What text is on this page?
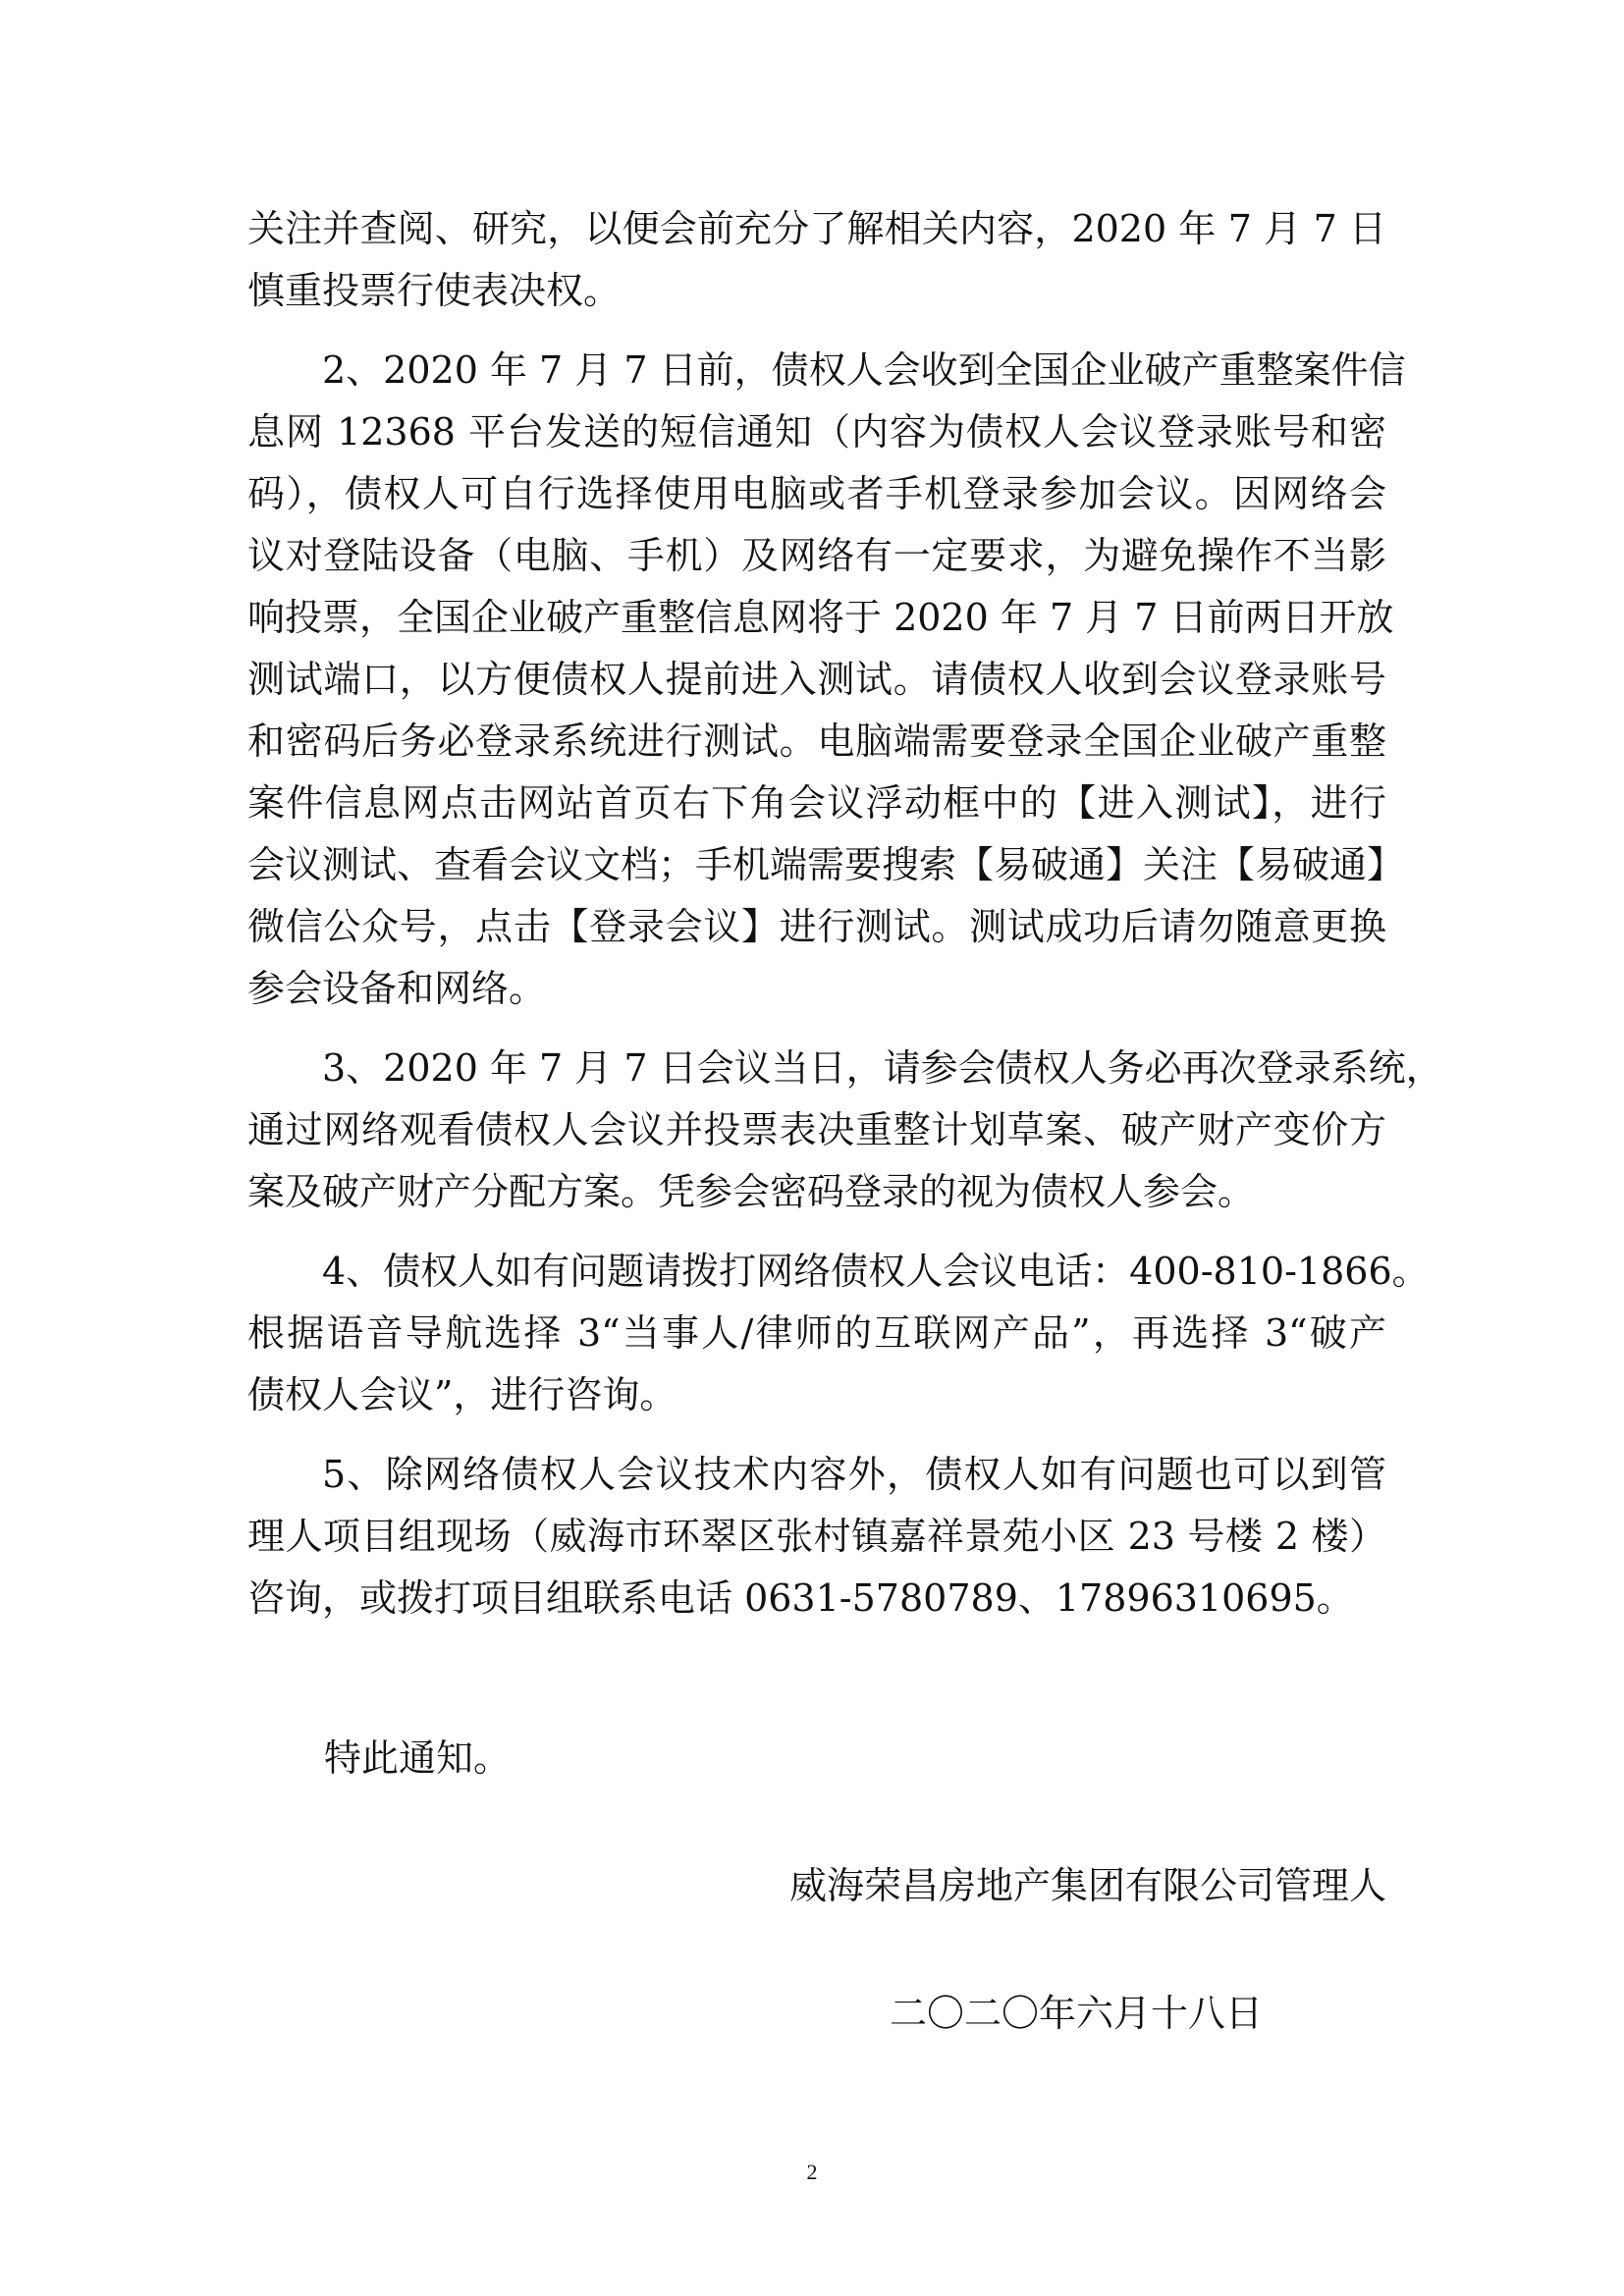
关注并查阅、研究，以便会前充分了解相关内容，2020 年 7 月 7 日
慎重投票行使表决权。
2、2020 年 7 月 7 日前，债权人会收到全国企业破产重整案件信
息网 12368 平台发送的短信通知（内容为债权人会议登录账号和密
码），债权人可自行选择使用电脑或者手机登录参加会议。因网络会
议对登陆设备（电脑、手机）及网络有一定要求，为避免操作不当影
响投票，全国企业破产重整信息网将于 2020 年 7 月 7 日前两日开放
测试端口，以方便债权人提前进入测试。请债权人收到会议登录账号
和密码后务必登录系统进行测试。电脑端需要登录全国企业破产重整
案件信息网点击网站首页右下角会议浮动框中的【进入测试】，进行
会议测试、查看会议文档；手机端需要搜索【易破通】关注【易破通】
微信公众号，点击【登录会议】进行测试。测试成功后请勿随意更换
参会设备和网络。
3、2020 年 7 月 7 日会议当日，请参会债权人务必再次登录系统，
通过网络观看债权人会议并投票表决重整计划草案、破产财产变价方
案及破产财产分配方案。凭参会密码登录的视为债权人参会。
4、债权人如有问题请拨打网络债权人会议电话：400-810-1866。
根据语音导航选择 3“当事人/律师的互联网产品”，再选择 3“破产
债权人会议”，进行咨询。
5、除网络债权人会议技术内容外，债权人如有问题也可以到管
理人项目组现场（威海市环翠区张村镇嘉祥景苑小区 23 号楼 2 楼）
咨询，或拨打项目组联系电话 0631-5780789、17896310695。
特此通知。
威海荣昌房地产集团有限公司管理人
二〇二〇年六月十八日
2
